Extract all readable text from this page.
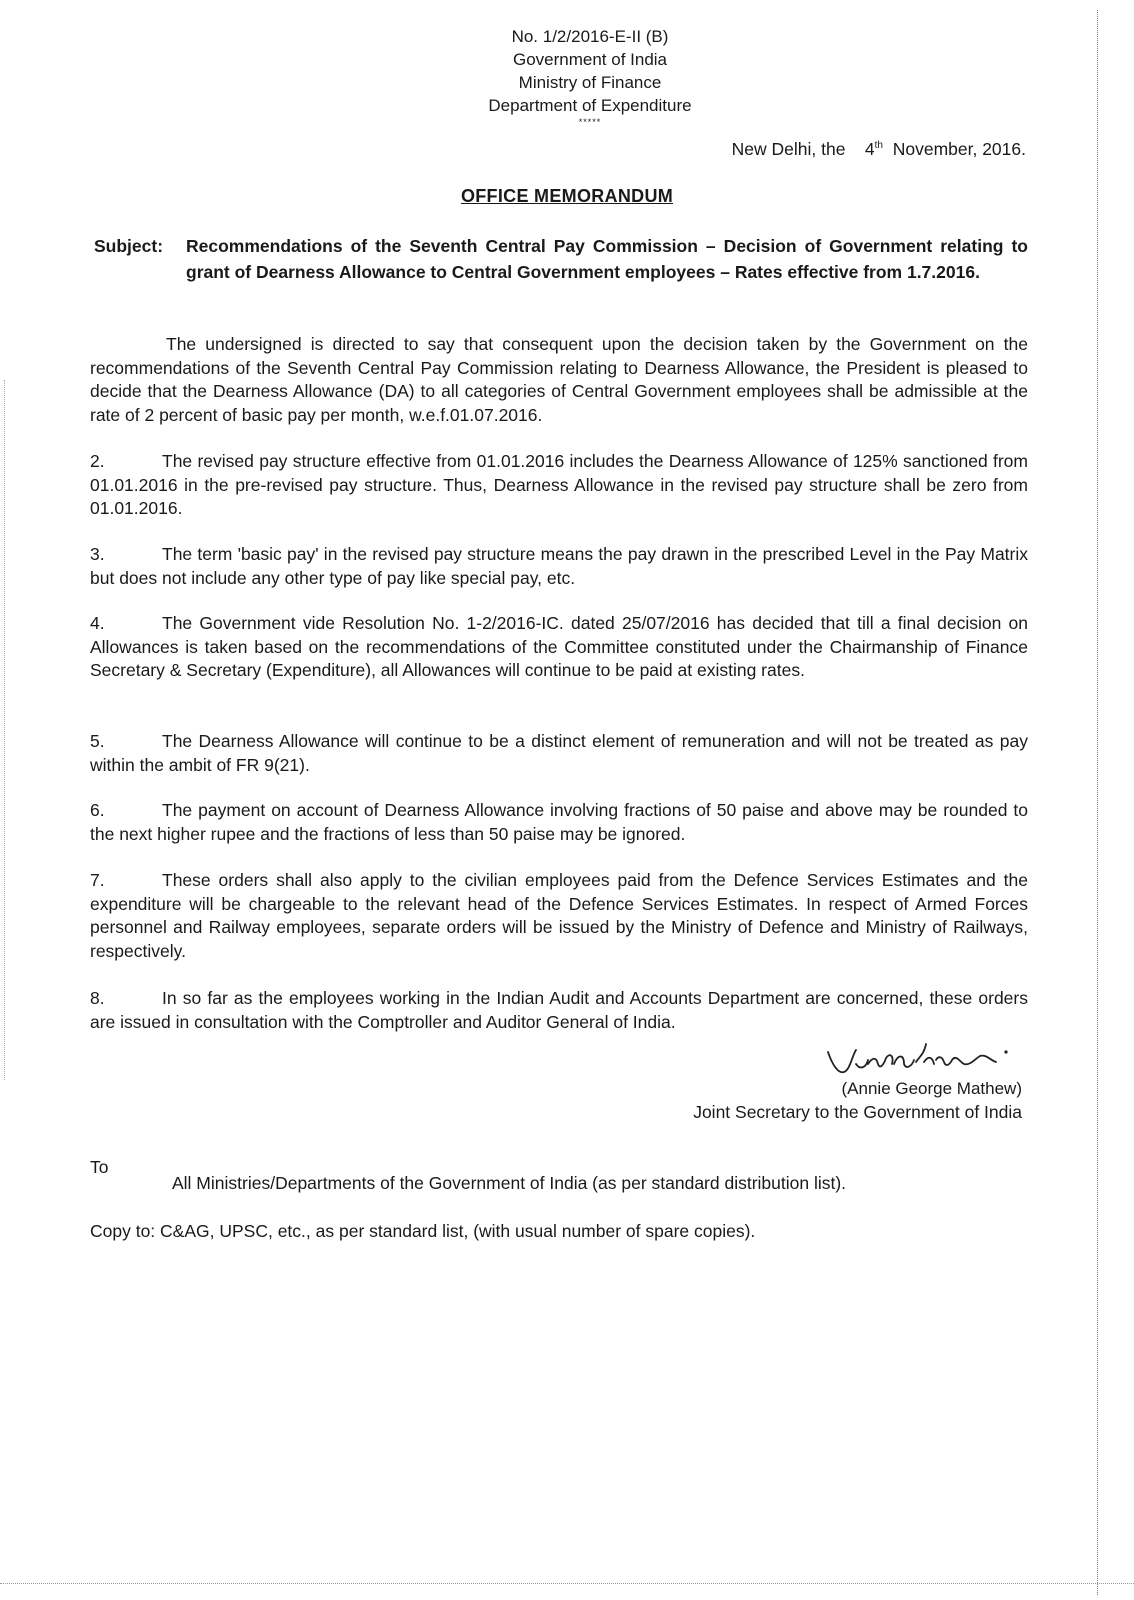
No. 1/2/2016-E-II (B)
Government of India
Ministry of Finance
Department of Expenditure
*****
New Delhi, the 4th November, 2016.
OFFICE MEMORANDUM
Subject: Recommendations of the Seventh Central Pay Commission – Decision of Government relating to grant of Dearness Allowance to Central Government employees – Rates effective from 1.7.2016.
The undersigned is directed to say that consequent upon the decision taken by the Government on the recommendations of the Seventh Central Pay Commission relating to Dearness Allowance, the President is pleased to decide that the Dearness Allowance (DA) to all categories of Central Government employees shall be admissible at the rate of 2 percent of basic pay per month, w.e.f.01.07.2016.
2.	The revised pay structure effective from 01.01.2016 includes the Dearness Allowance of 125% sanctioned from 01.01.2016 in the pre-revised pay structure. Thus, Dearness Allowance in the revised pay structure shall be zero from 01.01.2016.
3.	The term 'basic pay' in the revised pay structure means the pay drawn in the prescribed Level in the Pay Matrix but does not include any other type of pay like special pay, etc.
4.	The Government vide Resolution No. 1-2/2016-IC. dated 25/07/2016 has decided that till a final decision on Allowances is taken based on the recommendations of the Committee constituted under the Chairmanship of Finance Secretary & Secretary (Expenditure), all Allowances will continue to be paid at existing rates.
5.	The Dearness Allowance will continue to be a distinct element of remuneration and will not be treated as pay within the ambit of FR 9(21).
6.	The payment on account of Dearness Allowance involving fractions of 50 paise and above may be rounded to the next higher rupee and the fractions of less than 50 paise may be ignored.
7.	These orders shall also apply to the civilian employees paid from the Defence Services Estimates and the expenditure will be chargeable to the relevant head of the Defence Services Estimates. In respect of Armed Forces personnel and Railway employees, separate orders will be issued by the Ministry of Defence and Ministry of Railways, respectively.
8.	In so far as the employees working in the Indian Audit and Accounts Department are concerned, these orders are issued in consultation with the Comptroller and Auditor General of India.
(Annie George Mathew)
Joint Secretary to the Government of India
To
All Ministries/Departments of the Government of India (as per standard distribution list).
Copy to: C&AG, UPSC, etc., as per standard list, (with usual number of spare copies).
